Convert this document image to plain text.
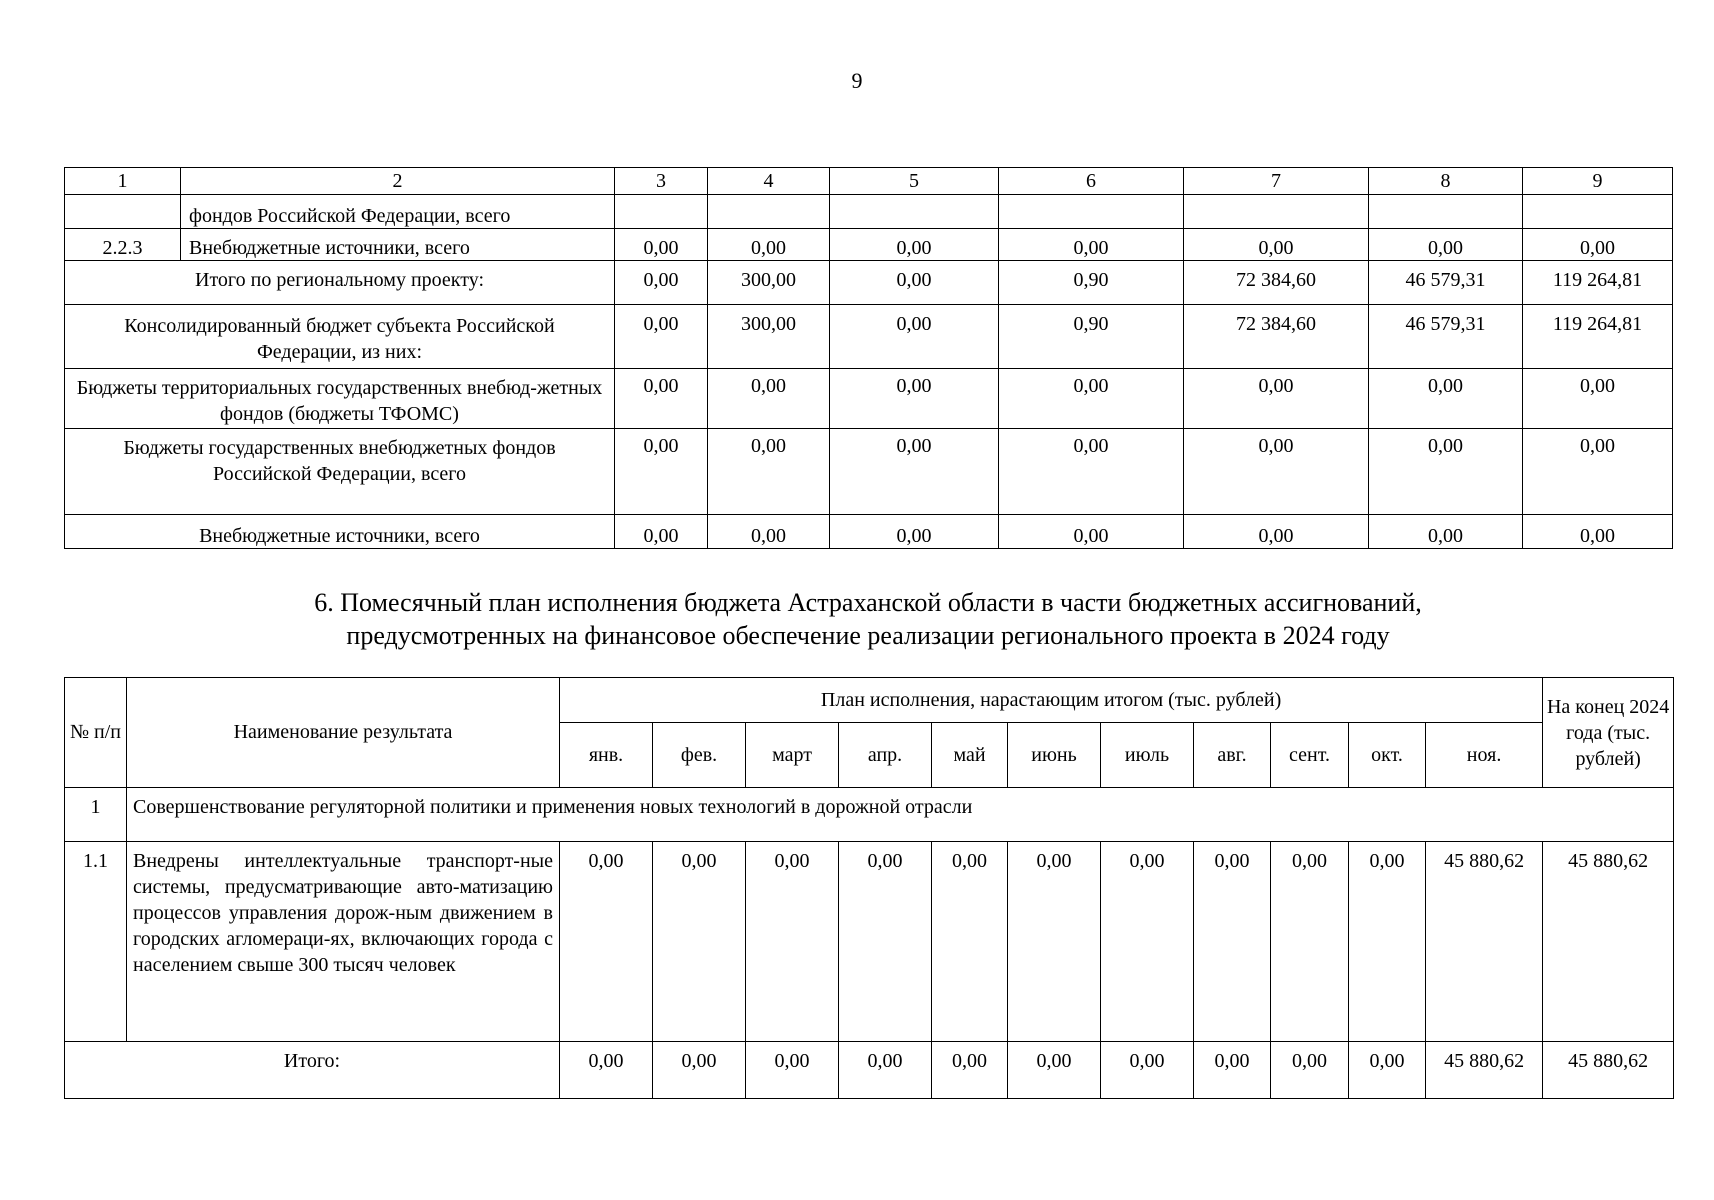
9
1	2	3	4	5	6	7	8	9
	фондов Российской Федерации, всего							
2.2.3	Внебюджетные источники, всего	0,00	0,00	0,00	0,00	0,00	0,00	0,00
Итого по региональному проекту:		0,00	300,00	0,00	0,90	72 384,60	46 579,31	119 264,81
Консолидированный бюджет субъекта Российской Федерации, из них:		0,00	300,00	0,00	0,90	72 384,60	46 579,31	119 264,81
Бюджеты территориальных государственных внебюд-жетных фондов (бюджеты ТФОМС)		0,00	0,00	0,00	0,00	0,00	0,00	0,00
Бюджеты государственных внебюджетных фондов Российской Федерации, всего		0,00	0,00	0,00	0,00	0,00	0,00	0,00
Внебюджетные источники, всего		0,00	0,00	0,00	0,00	0,00	0,00	0,00
6. Помесячный план исполнения бюджета Астраханской области в части бюджетных ассигнований,
предусмотренных на финансовое обеспечение реализации регионального проекта в 2024 году
№ п/п	Наименование результата	План исполнения, нарастающим итогом (тыс. рублей)											На конец 2024 года (тыс. рублей)
		янв.	фев.	март	апр.	май	июнь	июль	авг.	сент.	окт.	ноя.	
1	Совершенствование регуляторной политики и применения новых технологий в дорожной отрасли												
1.1	Внедрены интеллектуальные транспорт-ные системы, предусматривающие авто-матизацию процессов управления дорож-ным движением в городских агломераци-ях, включающих города с населением свыше 300 тысяч человек	0,00	0,00	0,00	0,00	0,00	0,00	0,00	0,00	0,00	0,00	45 880,62	45 880,62
Итого:		0,00	0,00	0,00	0,00	0,00	0,00	0,00	0,00	0,00	0,00	45 880,62	45 880,62
